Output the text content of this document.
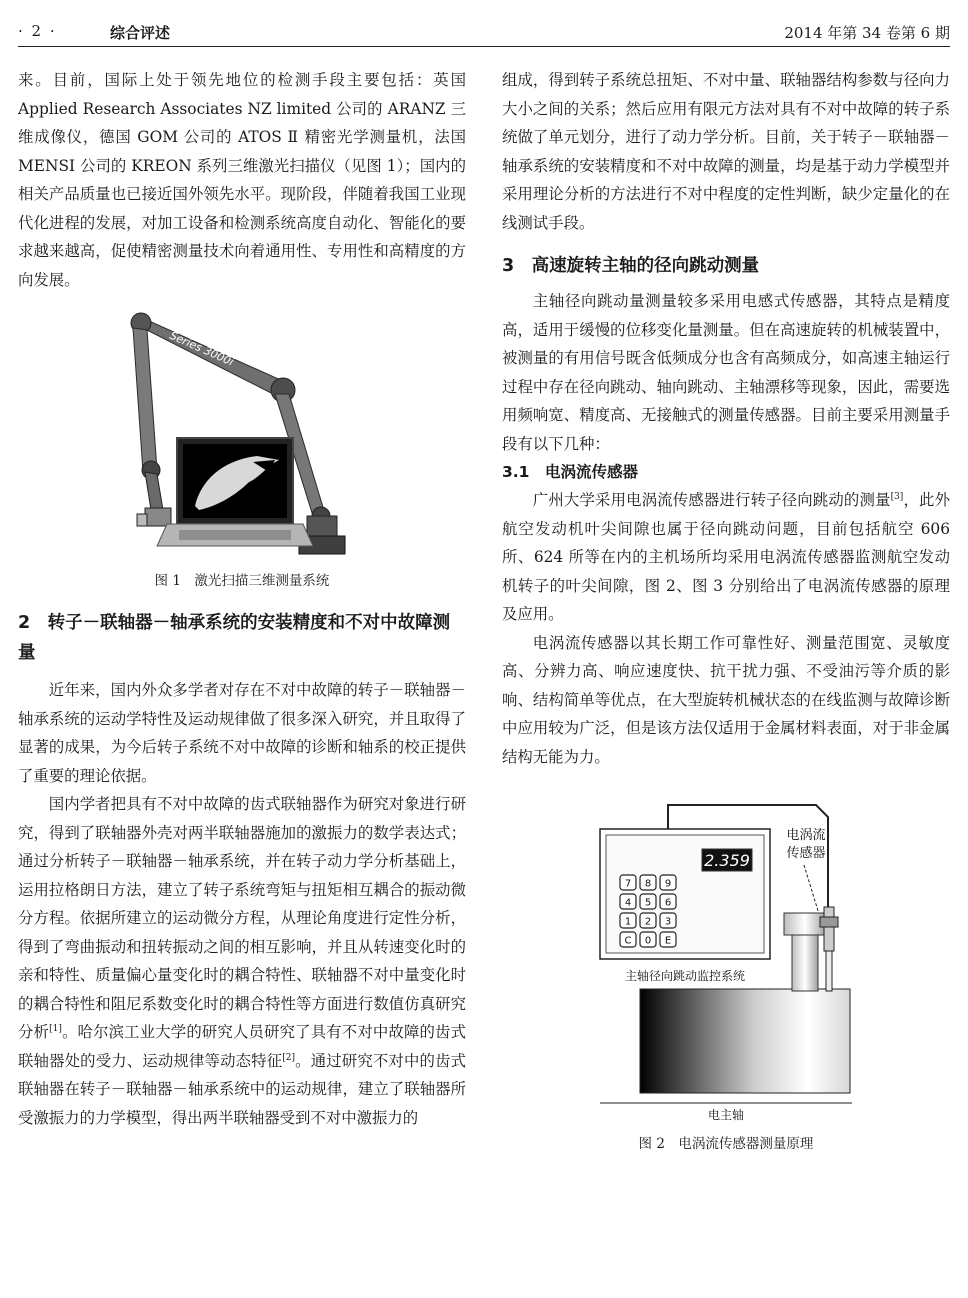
· 2 ·	综合评述	2014 年第 34 卷第 6 期

来。目前，国际上处于领先地位的检测手段主要包括：英国 Applied Research Associates NZ limited 公司的 ARANZ 三维成像仪，德国 GOM 公司的 ATOS Ⅱ 精密光学测量机，法国 MENSI 公司的 KREON 系列三维激光扫描仪（见图 1）；国内的相关产品质量也已接近国外领先水平。现阶段，伴随着我国工业现代化进程的发展，对加工设备和检测系统高度自动化、智能化的要求越来越高，促使精密测量技术向着通用性、专用性和高精度的方向发展。

Series 3000i
图 1　激光扫描三维测量系统
2　转子－联轴器－轴承系统的安装精度和不对中故障测量

近年来，国内外众多学者对存在不对中故障的转子－联轴器－轴承系统的运动学特性及运动规律做了很多深入研究，并且取得了显著的成果，为今后转子系统不对中故障的诊断和轴系的校正提供了重要的理论依据。

国内学者把具有不对中故障的齿式联轴器作为研究对象进行研究，得到了联轴器外壳对两半联轴器施加的激振力的数学表达式；通过分析转子－联轴器－轴承系统，并在转子动力学分析基础上，运用拉格朗日方法，建立了转子系统弯矩与扭矩相互耦合的振动微分方程。依据所建立的运动微分方程，从理论角度进行定性分析，得到了弯曲振动和扭转振动之间的相互影响，并且从转速变化时的亲和特性、质量偏心量变化时的耦合特性、联轴器不对中量变化时的耦合特性和阻尼系数变化时的耦合特性等方面进行数值仿真研究分析[1]。哈尔滨工业大学的研究人员研究了具有不对中故障的齿式联轴器处的受力、运动规律等动态特征[2]。通过研究不对中的齿式联轴器在转子－联轴器－轴承系统中的运动规律，建立了联轴器所受激振力的力学模型，得出两半联轴器受到不对中激振力的

组成，得到转子系统总扭矩、不对中量、联轴器结构参数与径向力大小之间的关系；然后应用有限元方法对具有不对中故障的转子系统做了单元划分，进行了动力学分析。目前，关于转子－联轴器－轴承系统的安装精度和不对中故障的测量，均是基于动力学模型并采用理论分析的方法进行不对中程度的定性判断，缺少定量化的在线测试手段。

3　高速旋转主轴的径向跳动测量

主轴径向跳动量测量较多采用电感式传感器，其特点是精度高，适用于缓慢的位移变化量测量。但在高速旋转的机械装置中，被测量的有用信号既含低频成分也含有高频成分，如高速主轴运行过程中存在径向跳动、轴向跳动、主轴漂移等现象，因此，需要选用频响宽、精度高、无接触式的测量传感器。目前主要采用测量手段有以下几种：

3.1　电涡流传感器

广州大学采用电涡流传感器进行转子径向跳动的测量[3]，此外航空发动机叶尖间隙也属于径向跳动问题，目前包括航空 606 所、624 所等在内的主机场所均采用电涡流传感器监测航空发动机转子的叶尖间隙，图 2、图 3 分别给出了电涡流传感器的原理及应用。

电涡流传感器以其长期工作可靠性好、测量范围宽、灵敏度高、分辨力高、响应速度快、抗干扰力强、不受油污等介质的影响、结构简单等优点，在大型旋转机械状态的在线监测与故障诊断中应用较为广泛，但是该方法仅适用于金属材料表面，对于非金属结构无能为力。

2.359
7 8 9
4 5 6
1 2 3
C 0 E
主轴径向跳动监控系统
电涡流
传感器
电主轴
图 2　电涡流传感器测量原理
